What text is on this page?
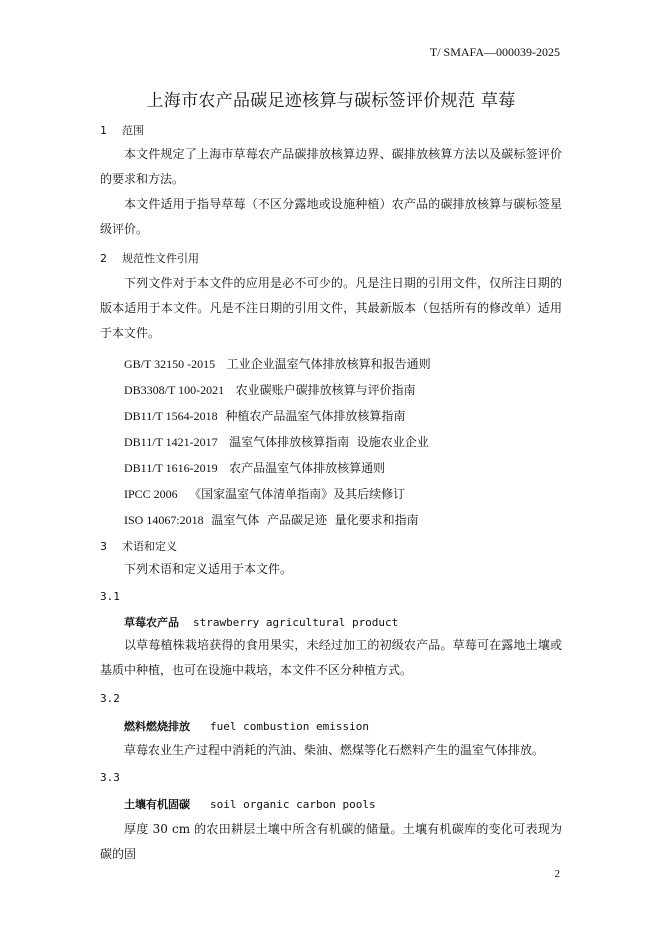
T/ SMAFA—000039-2025
上海市农产品碳足迹核算与碳标签评价规范 草莓
1 范围
本文件规定了上海市草莓农产品碳排放核算边界、碳排放核算方法以及碳标签评价的要求和方法。
本文件适用于指导草莓（不区分露地或设施种植）农产品的碳排放核算与碳标签星级评价。
2 规范性文件引用
下列文件对于本文件的应用是必不可少的。凡是注日期的引用文件，仅所注日期的版本适用于本文件。凡是不注日期的引用文件，其最新版本（包括所有的修改单）适用于本文件。
GB/T 32150 -2015 工业企业温室气体排放核算和报告通则
DB3308/T 100-2021 农业碳账户碳排放核算与评价指南
DB11/T 1564-2018 种植农产品温室气体排放核算指南
DB11/T 1421-2017 温室气体排放核算指南  设施农业企业
DB11/T 1616-2019 农产品温室气体排放核算通则
IPCC 2006 《国家温室气体清单指南》及其后续修订
ISO 14067:2018 温室气体  产品碳足迹  量化要求和指南
3 术语和定义
下列术语和定义适用于本文件。
3.1
草莓农产品 strawberry agricultural product
以草莓植株栽培获得的食用果实，未经过加工的初级农产品。草莓可在露地土壤或基质中种植，也可在设施中栽培，本文件不区分种植方式。
3.2
燃料燃烧排放 fuel combustion emission
草莓农业生产过程中消耗的汽油、柴油、燃煤等化石燃料产生的温室气体排放。
3.3
土壤有机固碳 soil organic carbon pools
厚度 30 cm 的农田耕层土壤中所含有机碳的储量。土壤有机碳库的变化可表现为碳的固
2
